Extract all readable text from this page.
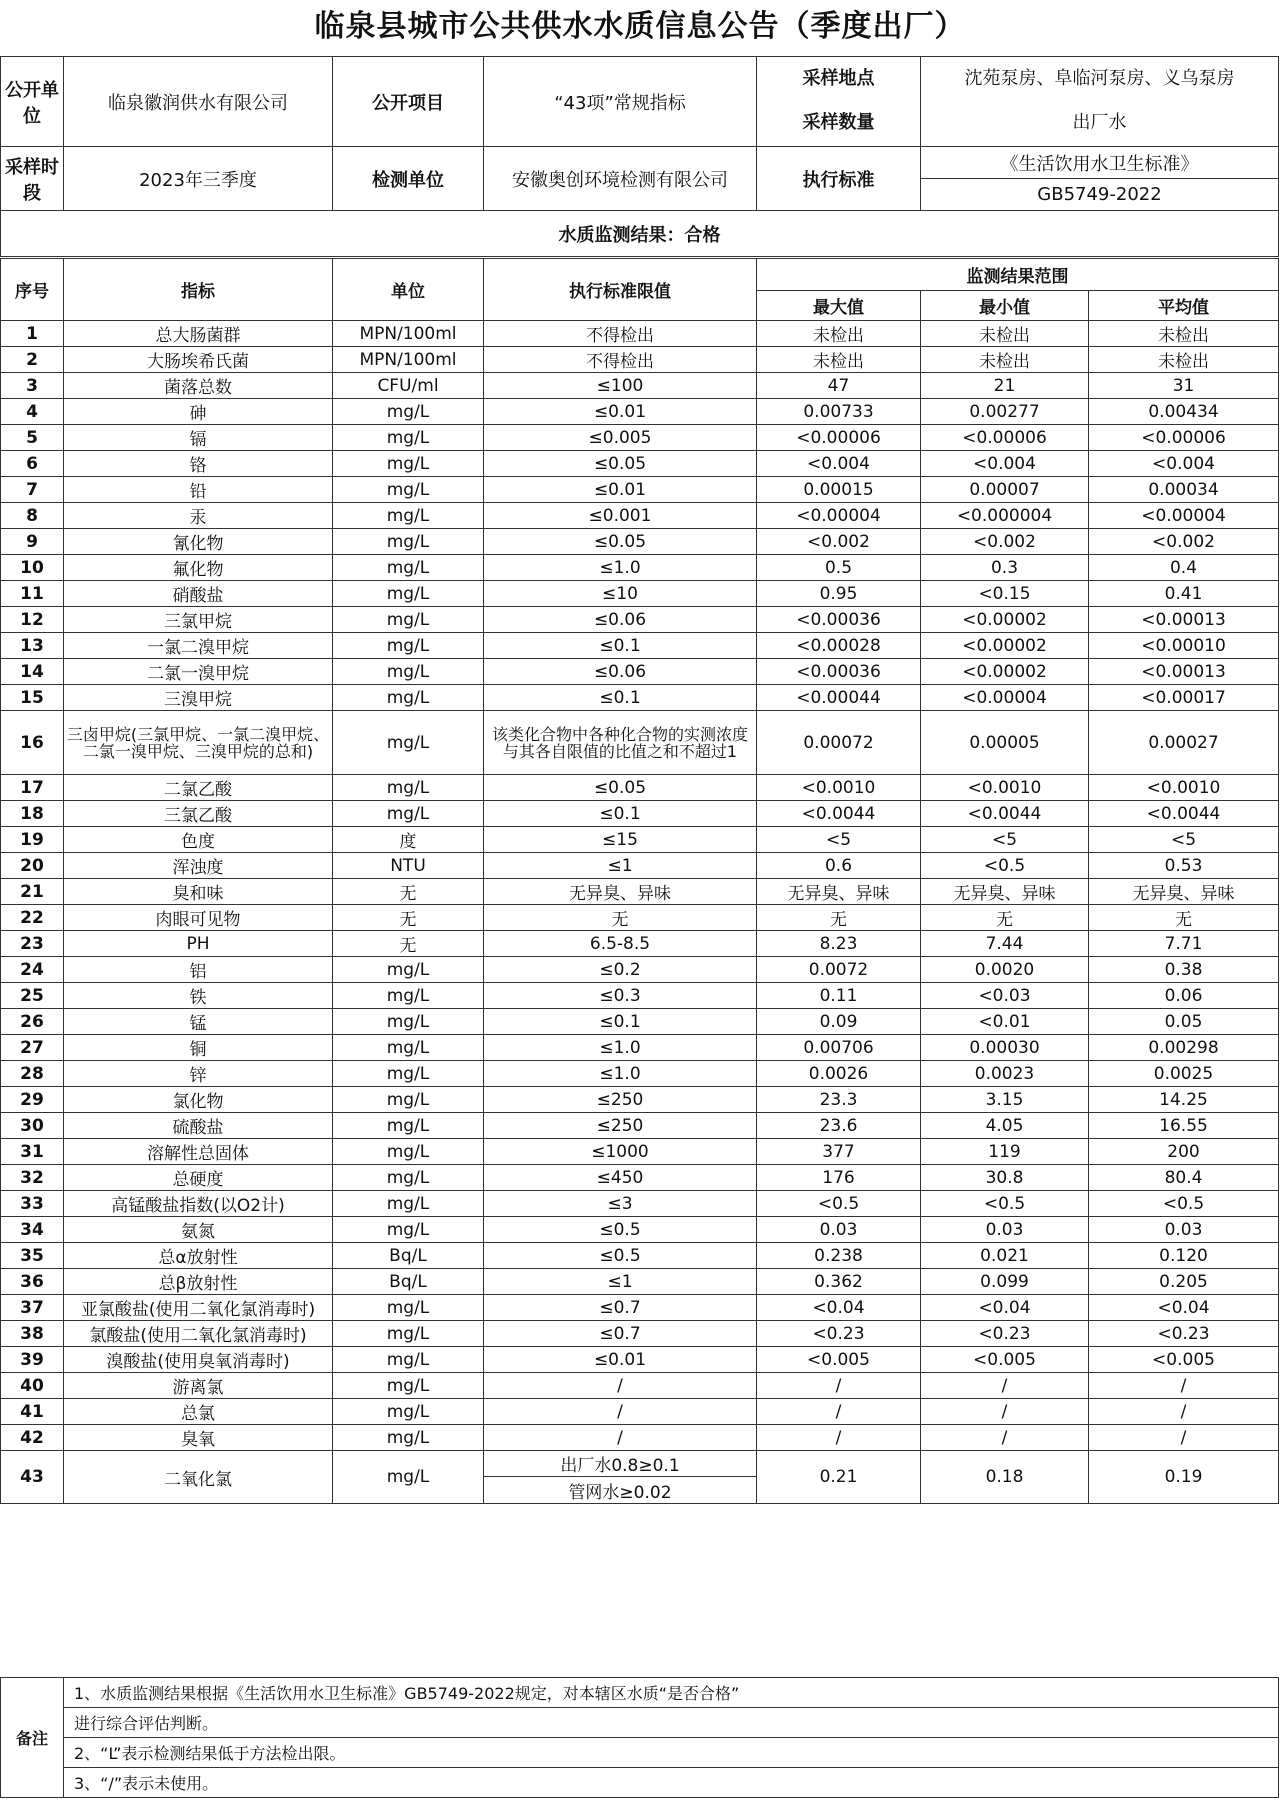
临泉县城市公共供水水质信息公告（季度出厂）
公开单位	临泉徽润供水有限公司	公开项目	“43项”常规指标	采样地点	沈苑泵房、阜临河泵房、义乌泵房
				采样数量	出厂水
采样时段	2023年三季度	检测单位	安徽奥创环境检测有限公司	执行标准	《生活饮用水卫生标准》
					GB5749-2022
水质监测结果：合格					
序号	指标	单位	执行标准限值	监测结果范围		
				最大值	最小值	平均值
1	总大肠菌群	MPN/100ml	不得检出	未检出	未检出	未检出
2	大肠埃希氏菌	MPN/100ml	不得检出	未检出	未检出	未检出
3	菌落总数	CFU/ml	≤100	47	21	31
4	砷	mg/L	≤0.01	0.00733	0.00277	0.00434
5	镉	mg/L	≤0.005	<0.00006	<0.00006	<0.00006
6	铬	mg/L	≤0.05	<0.004	<0.004	<0.004
7	铅	mg/L	≤0.01	0.00015	0.00007	0.00034
8	汞	mg/L	≤0.001	<0.00004	<0.000004	<0.00004
9	氰化物	mg/L	≤0.05	<0.002	<0.002	<0.002
10	氟化物	mg/L	≤1.0	0.5	0.3	0.4
11	硝酸盐	mg/L	≤10	0.95	<0.15	0.41
12	三氯甲烷	mg/L	≤0.06	<0.00036	<0.00002	<0.00013
13	一氯二溴甲烷	mg/L	≤0.1	<0.00028	<0.00002	<0.00010
14	二氯一溴甲烷	mg/L	≤0.06	<0.00036	<0.00002	<0.00013
15	三溴甲烷	mg/L	≤0.1	<0.00044	<0.00004	<0.00017
16	三卤甲烷(三氯甲烷、一氯二溴甲烷、二氯一溴甲烷、三溴甲烷的总和)	mg/L	该类化合物中各种化合物的实测浓度与其各自限值的比值之和不超过1	0.00072	0.00005	0.00027
17	二氯乙酸	mg/L	≤0.05	<0.0010	<0.0010	<0.0010
18	三氯乙酸	mg/L	≤0.1	<0.0044	<0.0044	<0.0044
19	色度	度	≤15	<5	<5	<5
20	浑浊度	NTU	≤1	0.6	<0.5	0.53
21	臭和味	无	无异臭、异味	无异臭、异味	无异臭、异味	无异臭、异味
22	肉眼可见物	无	无	无	无	无
23	PH	无	6.5-8.5	8.23	7.44	7.71
24	铝	mg/L	≤0.2	0.0072	0.0020	0.38
25	铁	mg/L	≤0.3	0.11	<0.03	0.06
26	锰	mg/L	≤0.1	0.09	<0.01	0.05
27	铜	mg/L	≤1.0	0.00706	0.00030	0.00298
28	锌	mg/L	≤1.0	0.0026	0.0023	0.0025
29	氯化物	mg/L	≤250	23.3	3.15	14.25
30	硫酸盐	mg/L	≤250	23.6	4.05	16.55
31	溶解性总固体	mg/L	≤1000	377	119	200
32	总硬度	mg/L	≤450	176	30.8	80.4
33	高锰酸盐指数(以O2计)	mg/L	≤3	<0.5	<0.5	<0.5
34	氨氮	mg/L	≤0.5	0.03	0.03	0.03
35	总α放射性	Bq/L	≤0.5	0.238	0.021	0.120
36	总β放射性	Bq/L	≤1	0.362	0.099	0.205
37	亚氯酸盐(使用二氧化氯消毒时)	mg/L	≤0.7	<0.04	<0.04	<0.04
38	氯酸盐(使用二氧化氯消毒时)	mg/L	≤0.7	<0.23	<0.23	<0.23
39	溴酸盐(使用臭氧消毒时)	mg/L	≤0.01	<0.005	<0.005	<0.005
40	游离氯	mg/L	/	/	/	/
41	总氯	mg/L	/	/	/	/
42	臭氧	mg/L	/	/	/	/
43	二氧化氯	mg/L	出厂水0.8≥0.1	0.21	0.18	0.19
			管网水≥0.02			
备注	1、水质监测结果根据《生活饮用水卫生标准》GB5749-2022规定，对本辖区水质“是否合格”
进行综合评估判断。
2、“L”表示检测结果低于方法检出限。
3、“/”表示未使用。
